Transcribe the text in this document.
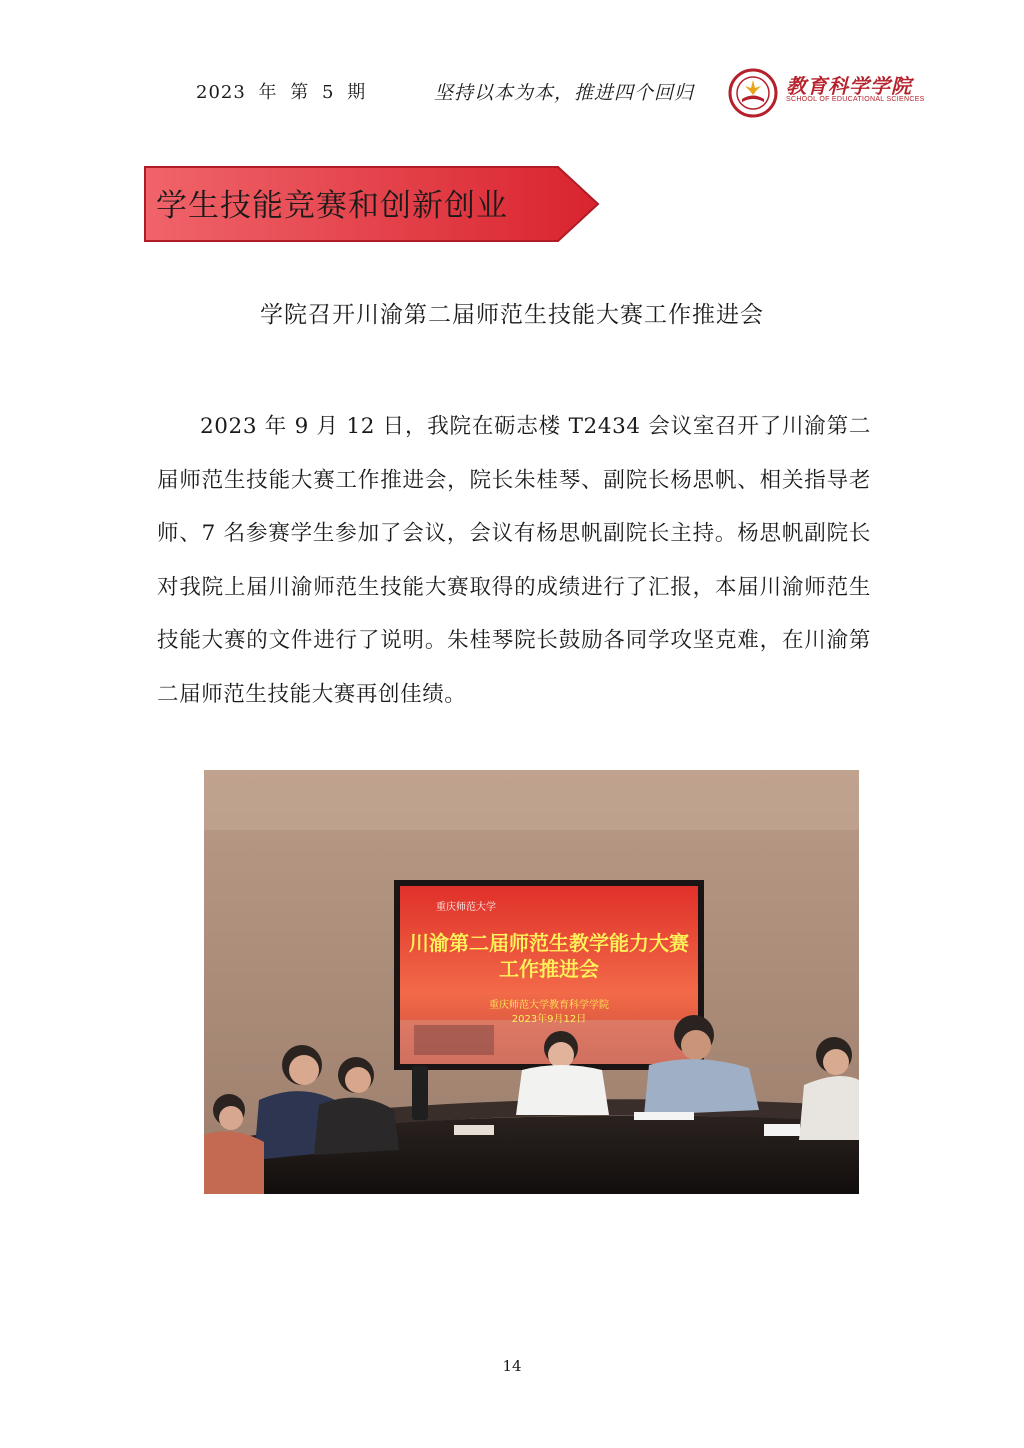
2023 年 第 5 期	坚持以本为本，推进四个回归	教育科学学院
SCHOOL OF EDUCATIONAL SCIENCES
学生技能竞赛和创新创业
学院召开川渝第二届师范生技能大赛工作推进会
2023 年 9 月 12 日，我院在砺志楼 T2434 会议室召开了川渝第二届师范生技能大赛工作推进会，院长朱桂琴、副院长杨思帆、相关指导老师、7 名参赛学生参加了会议，会议有杨思帆副院长主持。杨思帆副院长对我院上届川渝师范生技能大赛取得的成绩进行了汇报，本届川渝师范生技能大赛的文件进行了说明。朱桂琴院长鼓励各同学攻坚克难，在川渝第二届师范生技能大赛再创佳绩。
重庆师范大学
川渝第二届师范生教学能力大赛
工作推进会
重庆师范大学教育科学学院
2023年9月12日
14
